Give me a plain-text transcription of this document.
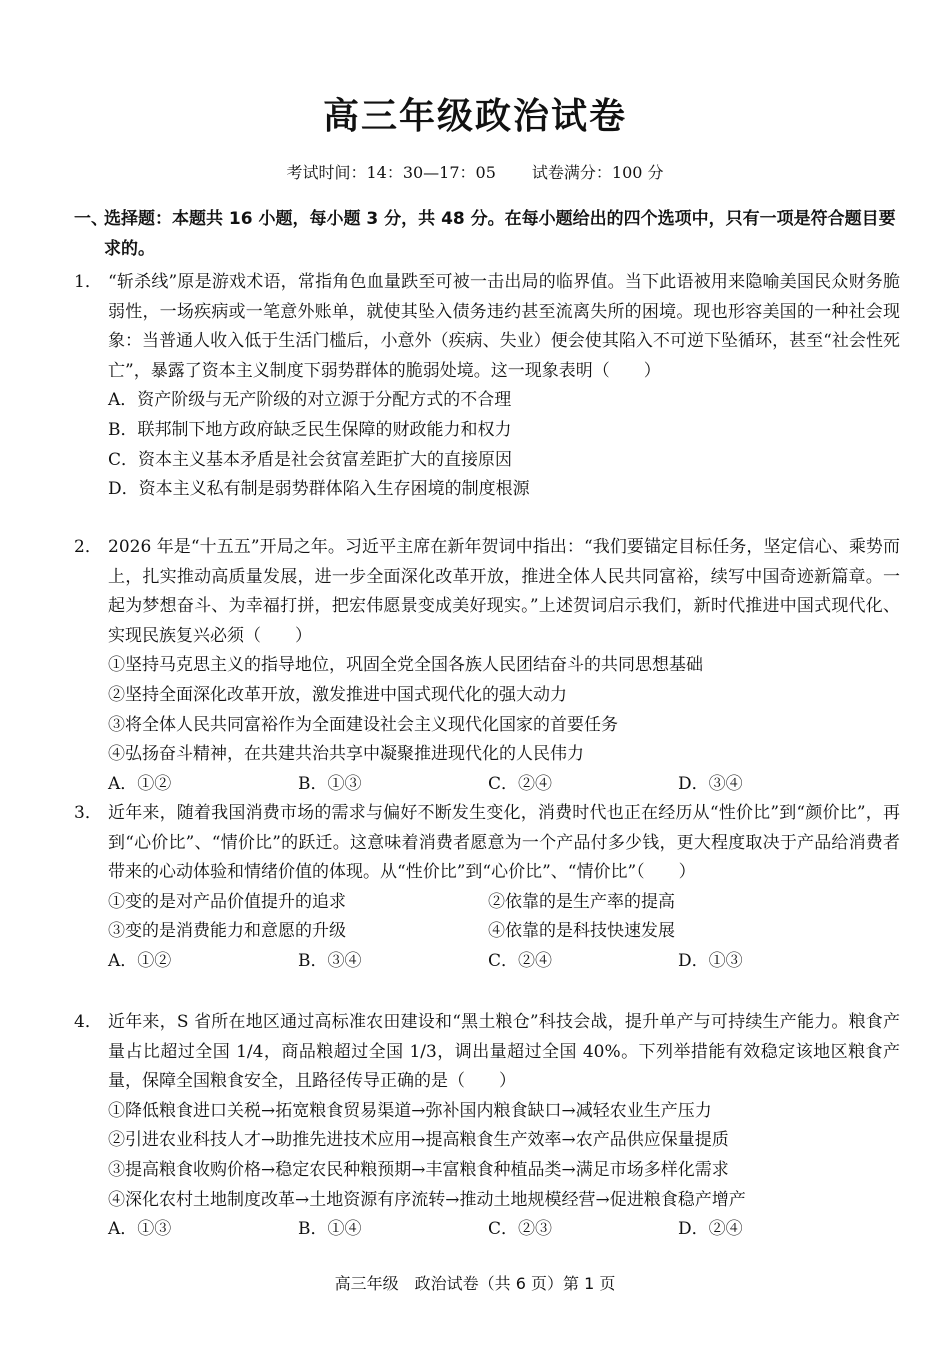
高三年级政治试卷
考试时间：14：30—17：05 试卷满分：100 分
一、
选择题：本题共 16 小题，每小题 3 分，共 48 分。在每小题给出的四个选项中，只有一项是符合题目要求的。
1． “斩杀线”原是游戏术语，常指角色血量跌至可被一击出局的临界值。当下此语被用来隐喻美国民众财务脆弱性，一场疾病或一笔意外账单，就使其坠入债务违约甚至流离失所的困境。现也形容美国的一种社会现象：当普通人收入低于生活门槛后，小意外（疾病、失业）便会使其陷入不可逆下坠循环，甚至“社会性死亡”，暴露了资本主义制度下弱势群体的脆弱处境。这一现象表明（　　）
A．资产阶级与无产阶级的对立源于分配方式的不合理
B．联邦制下地方政府缺乏民生保障的财政能力和权力
C．资本主义基本矛盾是社会贫富差距扩大的直接原因
D．资本主义私有制是弱势群体陷入生存困境的制度根源
2． 2026 年是“十五五”开局之年。习近平主席在新年贺词中指出：“我们要锚定目标任务，坚定信心、乘势而上，扎实推动高质量发展，进一步全面深化改革开放，推进全体人民共同富裕，续写中国奇迹新篇章。一起为梦想奋斗、为幸福打拼，把宏伟愿景变成美好现实。”上述贺词启示我们，新时代推进中国式现代化、实现民族复兴必须（　　）
①坚持马克思主义的指导地位，巩固全党全国各族人民团结奋斗的共同思想基础
②坚持全面深化改革开放，激发推进中国式现代化的强大动力
③将全体人民共同富裕作为全面建设社会主义现代化国家的首要任务
④弘扬奋斗精神，在共建共治共享中凝聚推进现代化的人民伟力
A．①②	B．①③	C．②④	D．③④
3． 近年来，随着我国消费市场的需求与偏好不断发生变化，消费时代也正在经历从“性价比”到“颜价比”，再到“心价比”、“情价比”的跃迁。这意味着消费者愿意为一个产品付多少钱，更大程度取决于产品给消费者带来的心动体验和情绪价值的体现。从“性价比”到“心价比”、“情价比”（　　）
①变的是对产品价值提升的追求	②依靠的是生产率的提高
③变的是消费能力和意愿的升级	④依靠的是科技快速发展
A．①②	B．③④	C．②④	D．①③
4． 近年来，S 省所在地区通过高标准农田建设和“黑土粮仓”科技会战，提升单产与可持续生产能力。粮食产量占比超过全国 1/4，商品粮超过全国 1/3，调出量超过全国 40%。下列举措能有效稳定该地区粮食产量，保障全国粮食安全，且路径传导正确的是（　　）
①降低粮食进口关税→拓宽粮食贸易渠道→弥补国内粮食缺口→减轻农业生产压力
②引进农业科技人才→助推先进技术应用→提高粮食生产效率→农产品供应保量提质
③提高粮食收购价格→稳定农民种粮预期→丰富粮食种植品类→满足市场多样化需求
④深化农村土地制度改革→土地资源有序流转→推动土地规模经营→促进粮食稳产增产
A．①③	B．①④	C．②③	D．②④
高三年级　政治试卷（共 6 页）第 1 页
